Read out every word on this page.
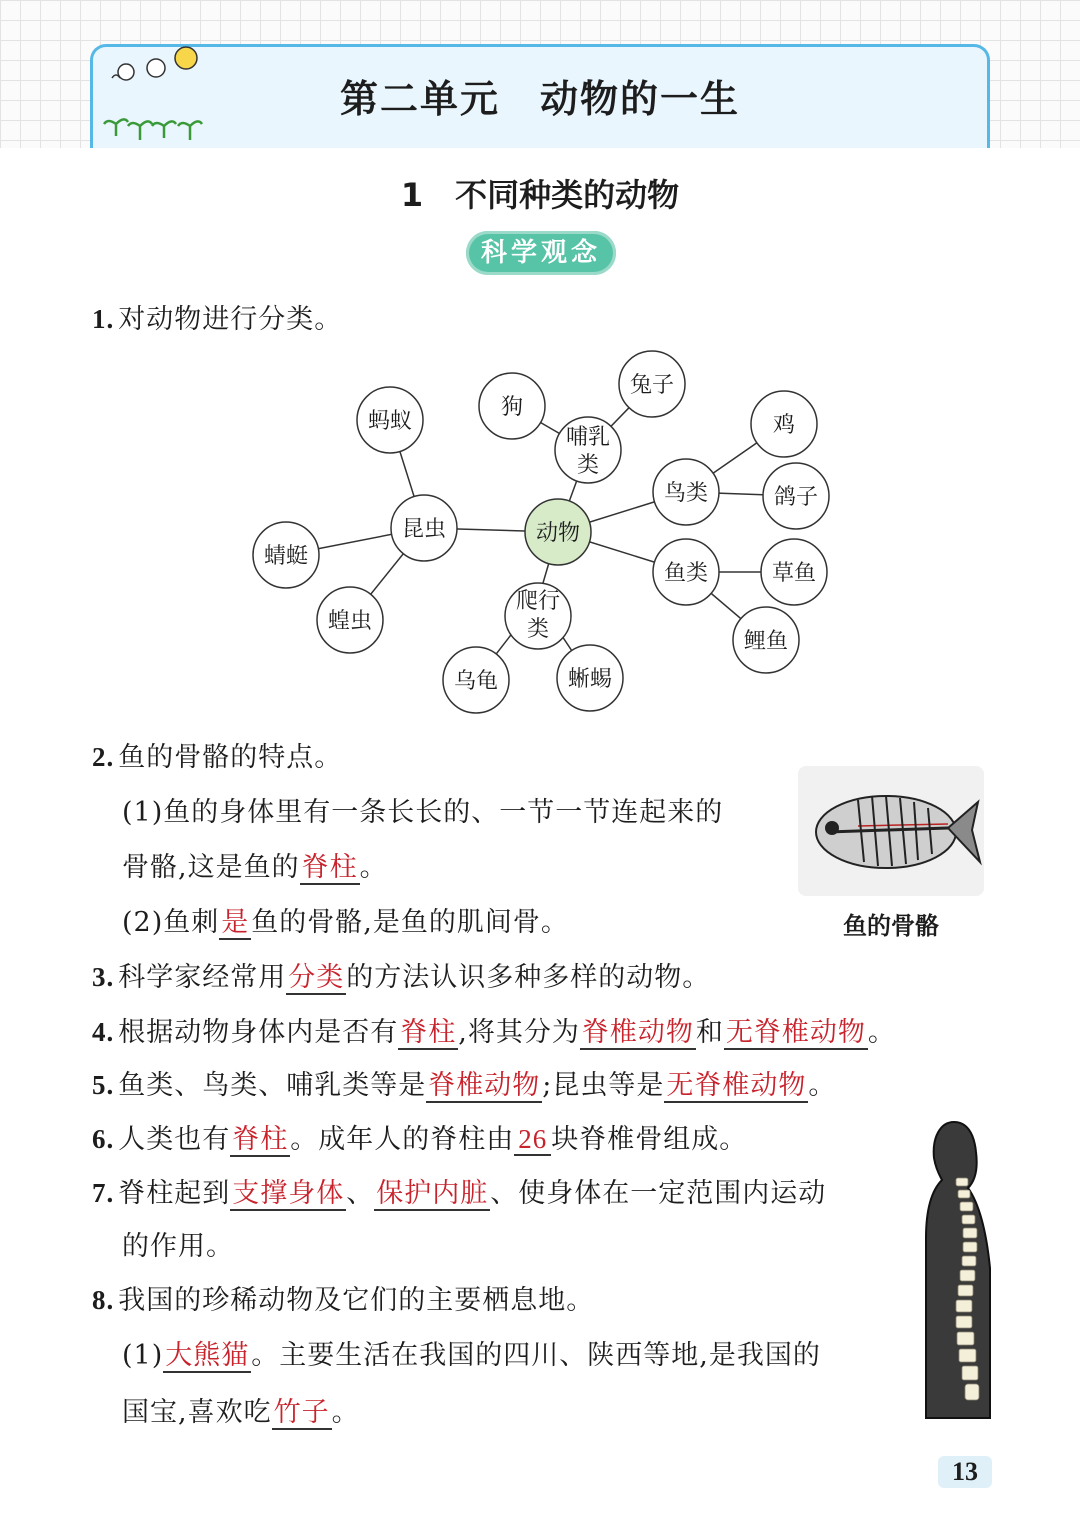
第二单元　动物的一生
1　不同种类的动物
科学观念
1. 对动物进行分类。
动物
昆虫
哺乳
类
鸟类
鱼类
爬行
类
蚂蚁
蜻蜓
蝗虫
狗
兔子
鸡
鸽子
草鱼
鲤鱼
乌龟	蜥蜴
2. 鱼的骨骼的特点。
(1)鱼的身体里有一条长长的、一节一节连起来的
骨骼,这是鱼的脊柱。
(2)鱼刺是鱼的骨骼,是鱼的肌间骨。	鱼的骨骼
3. 科学家经常用分类的方法认识多种多样的动物。
4. 根据动物身体内是否有脊柱,将其分为脊椎动物和无脊椎动物。
5. 鱼类、鸟类、哺乳类等是脊椎动物;昆虫等是无脊椎动物。
6. 人类也有脊柱。成年人的脊柱由 26 块脊椎骨组成。
7. 脊柱起到支撑身体、保护内脏、使身体在一定范围内运动
的作用。
8. 我国的珍稀动物及它们的主要栖息地。
(1)大熊猫。主要生活在我国的四川、陕西等地,是我国的
国宝,喜欢吃竹子。
13
